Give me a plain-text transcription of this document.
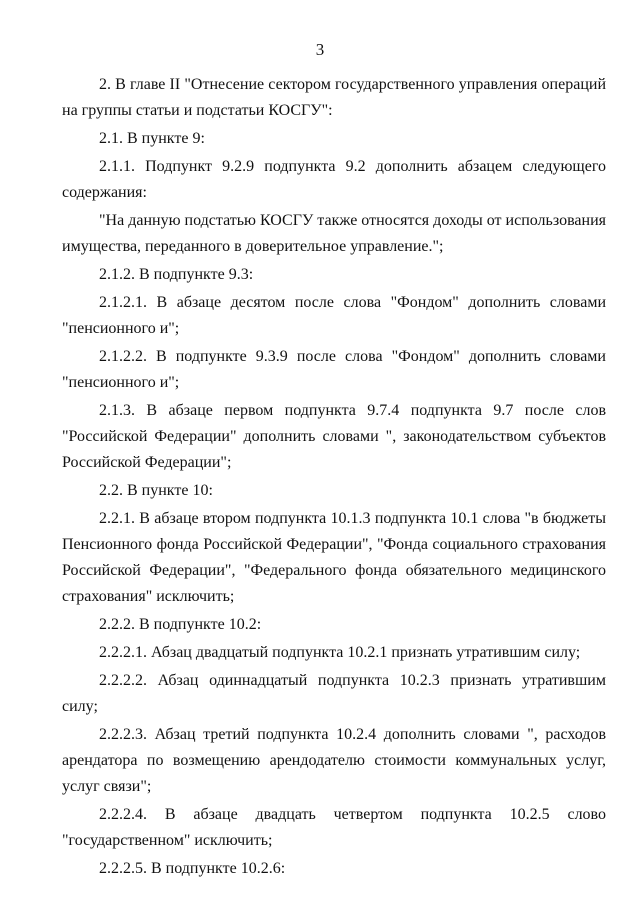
3

2. В главе II "Отнесение сектором государственного управления операций на группы статьи и подстатьи КОСГУ":

2.1. В пункте 9:

2.1.1. Подпункт 9.2.9 подпункта 9.2 дополнить абзацем следующего содержания:

"На данную подстатью КОСГУ также относятся доходы от использования имущества, переданного в доверительное управление.";

2.1.2. В подпункте 9.3:

2.1.2.1. В абзаце десятом после слова "Фондом" дополнить словами "пенсионного и";

2.1.2.2. В подпункте 9.3.9 после слова "Фондом" дополнить словами "пенсионного и";

2.1.3. В абзаце первом подпункта 9.7.4 подпункта 9.7 после слов "Российской Федерации" дополнить словами ", законодательством субъектов Российской Федерации";

2.2. В пункте 10:

2.2.1. В абзаце втором подпункта 10.1.3 подпункта 10.1 слова "в бюджеты Пенсионного фонда Российской Федерации", "Фонда социального страхования Российской Федерации", "Федерального фонда обязательного медицинского страхования" исключить;

2.2.2. В подпункте 10.2:

2.2.2.1. Абзац двадцатый подпункта 10.2.1 признать утратившим силу;

2.2.2.2. Абзац одиннадцатый подпункта 10.2.3 признать утратившим силу;

2.2.2.3. Абзац третий подпункта 10.2.4 дополнить словами ", расходов арендатора по возмещению арендодателю стоимости коммунальных услуг, услуг связи";

2.2.2.4. В абзаце двадцать четвертом подпункта 10.2.5 слово "государственном" исключить;

2.2.2.5. В подпункте 10.2.6:
